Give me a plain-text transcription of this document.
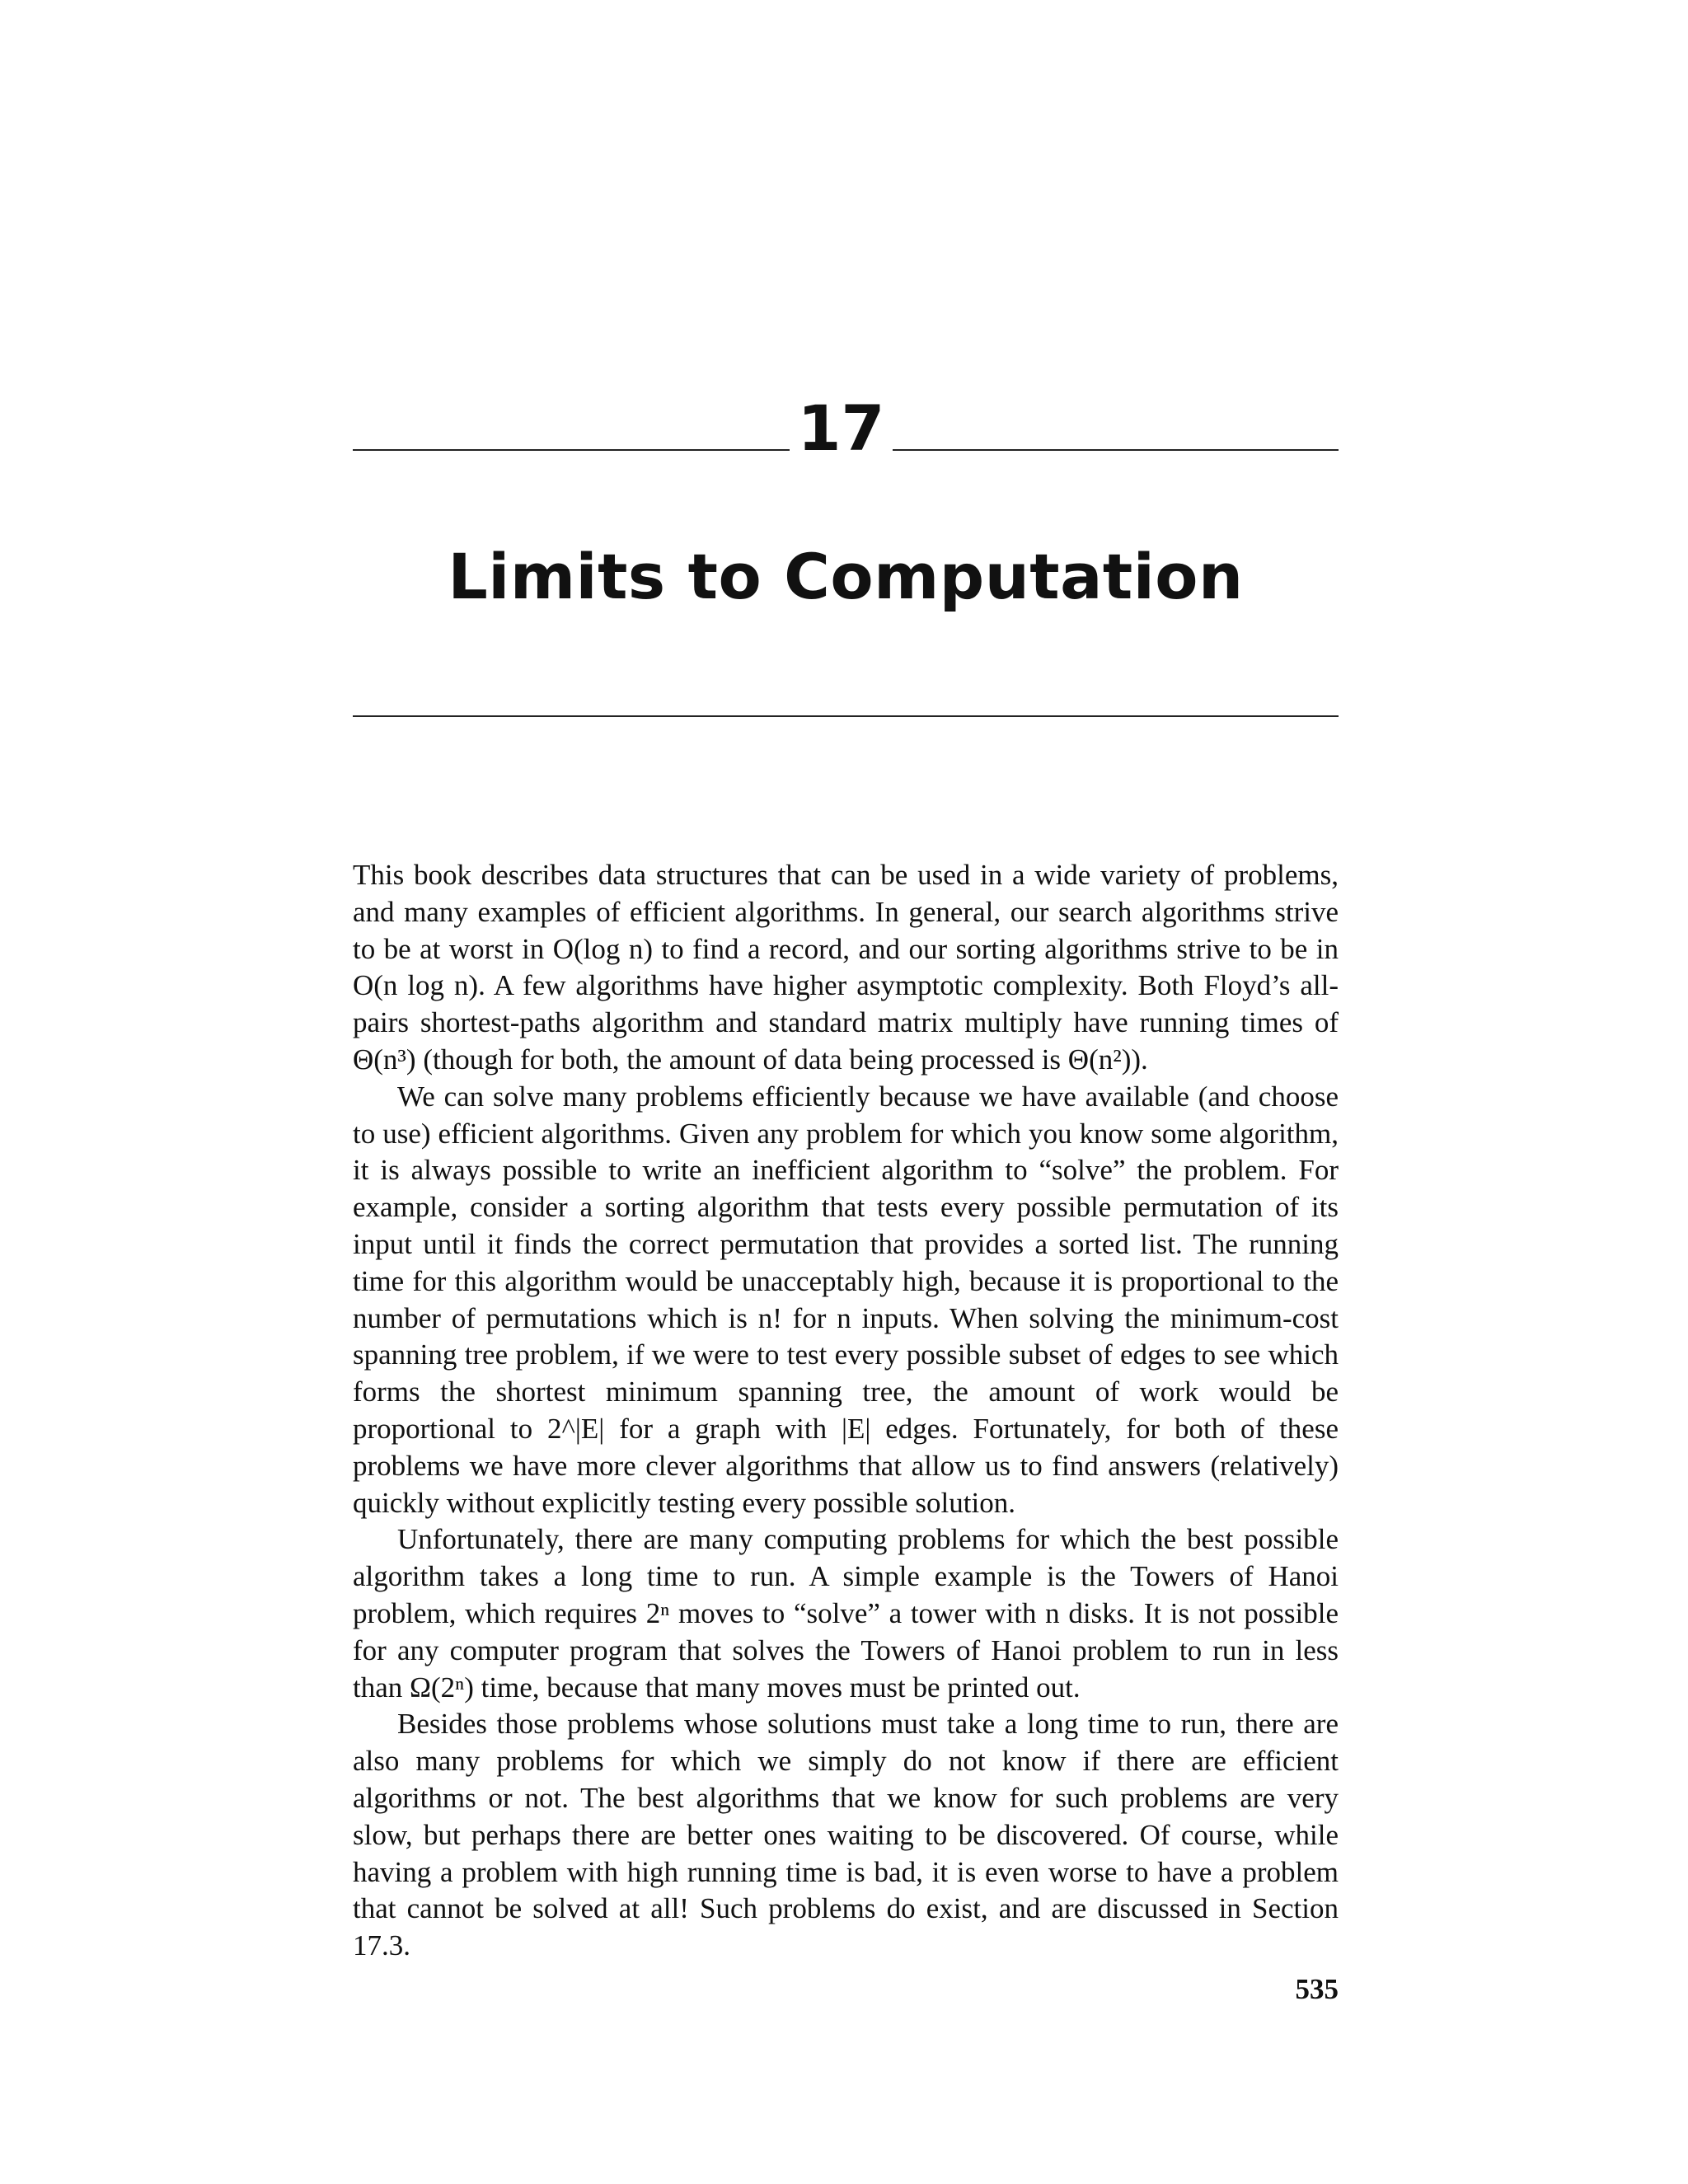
17
Limits to Computation

This book describes data structures that can be used in a wide variety of problems, and many examples of efficient algorithms. In general, our search algorithms strive to be at worst in O(log n) to find a record, and our sorting algorithms strive to be in O(n log n). A few algorithms have higher asymptotic complexity. Both Floyd’s all-pairs shortest-paths algorithm and standard matrix multiply have running times of Θ(n³) (though for both, the amount of data being processed is Θ(n²)).

We can solve many problems efficiently because we have available (and choose to use) efficient algorithms. Given any problem for which you know some algorithm, it is always possible to write an inefficient algorithm to “solve” the problem. For example, consider a sorting algorithm that tests every possible permutation of its input until it finds the correct permutation that provides a sorted list. The running time for this algorithm would be unacceptably high, because it is proportional to the number of permutations which is n! for n inputs. When solving the minimum-cost spanning tree problem, if we were to test every possible subset of edges to see which forms the shortest minimum spanning tree, the amount of work would be proportional to 2^|E| for a graph with |E| edges. Fortunately, for both of these problems we have more clever algorithms that allow us to find answers (relatively) quickly without explicitly testing every possible solution.

Unfortunately, there are many computing problems for which the best possible algorithm takes a long time to run. A simple example is the Towers of Hanoi problem, which requires 2ⁿ moves to “solve” a tower with n disks. It is not possible for any computer program that solves the Towers of Hanoi problem to run in less than Ω(2ⁿ) time, because that many moves must be printed out.

Besides those problems whose solutions must take a long time to run, there are also many problems for which we simply do not know if there are efficient algorithms or not. The best algorithms that we know for such problems are very slow, but perhaps there are better ones waiting to be discovered. Of course, while having a problem with high running time is bad, it is even worse to have a problem that cannot be solved at all! Such problems do exist, and are discussed in Section 17.3.

535
